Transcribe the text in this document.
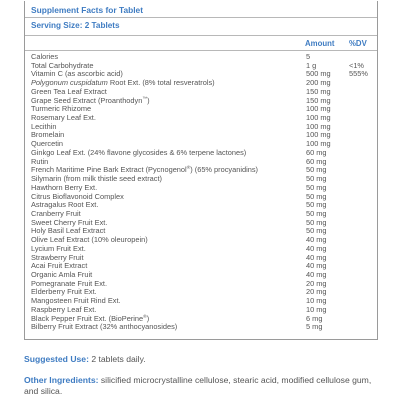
Supplement Facts for Tablet
Serving Size: 2 Tablets
Amount %DV
Calories	5
Total Carbohydrate	1 g	<1%
Vitamin C (as ascorbic acid)	500 mg 555%
Polygonum cuspidatum Root Ext. (8% total resveratrols)	200 mg
Green Tea Leaf Extract	150 mg
Grape Seed Extract (Proanthodyn™)	150 mg
Turmeric Rhizome	100 mg
Rosemary Leaf Ext.	100 mg
Lecithin	100 mg
Bromelain	100 mg
Quercetin	100 mg
Ginkgo Leaf Ext. (24% flavone glycosides & 6% terpene lactones)	60 mg
Rutin	60 mg
French Maritime Pine Bark Extract (Pycnogenol®) (65% procyanidins)	50 mg
Silymarin (from milk thistle seed extract)	50 mg
Hawthorn Berry Ext.	50 mg
Citrus Bioflavonoid Complex	50 mg
Astragalus Root Ext.	50 mg
Cranberry Fruit	50 mg
Sweet Cherry Fruit Ext.	50 mg
Holy Basil Leaf Extract	50 mg
Olive Leaf Extract (10% oleuropein)	40 mg
Lycium Fruit Ext.	40 mg
Strawberry Fruit	40 mg
Acai Fruit Extract	40 mg
Organic Amla Fruit	40 mg
Pomegranate Fruit Ext.	20 mg
Elderberry Fruit Ext.	20 mg
Mangosteen Fruit Rind Ext.	10 mg
Raspberry Leaf Ext.	10 mg
Black Pepper Fruit Ext. (BioPerine®)	6 mg
Bilberry Fruit Extract (32% anthocyanosides)	5 mg
Suggested Use: 2 tablets daily.
Other Ingredients: silicified microcrystalline cellulose, stearic acid, modified cellulose gum, and silica.
